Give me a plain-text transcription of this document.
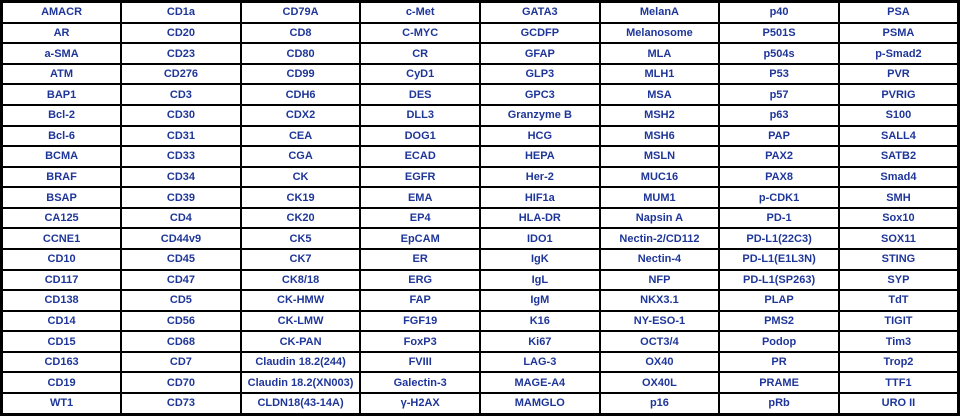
AMACR	CD1a	CD79A	c-Met	GATA3	MelanA	p40	PSA
AR	CD20	CD8	C-MYC	GCDFP	Melanosome	P501S	PSMA
a-SMA	CD23	CD80	CR	GFAP	MLA	p504s	p-Smad2
ATM	CD276	CD99	CyD1	GLP3	MLH1	P53	PVR
BAP1	CD3	CDH6	DES	GPC3	MSA	p57	PVRIG
Bcl-2	CD30	CDX2	DLL3	Granzyme B	MSH2	p63	S100
Bcl-6	CD31	CEA	DOG1	HCG	MSH6	PAP	SALL4
BCMA	CD33	CGA	ECAD	HEPA	MSLN	PAX2	SATB2
BRAF	CD34	CK	EGFR	Her-2	MUC16	PAX8	Smad4
BSAP	CD39	CK19	EMA	HIF1a	MUM1	p-CDK1	SMH
CA125	CD4	CK20	EP4	HLA-DR	Napsin A	PD-1	Sox10
CCNE1	CD44v9	CK5	EpCAM	IDO1	Nectin-2/CD112	PD-L1(22C3)	SOX11
CD10	CD45	CK7	ER	IgK	Nectin-4	PD-L1(E1L3N)	STING
CD117	CD47	CK8/18	ERG	IgL	NFP	PD-L1(SP263)	SYP
CD138	CD5	CK-HMW	FAP	IgM	NKX3.1	PLAP	TdT
CD14	CD56	CK-LMW	FGF19	K16	NY-ESO-1	PMS2	TIGIT
CD15	CD68	CK-PAN	FoxP3	Ki67	OCT3/4	Podop	Tim3
CD163	CD7	Claudin 18.2(244)	FVIII	LAG-3	OX40	PR	Trop2
CD19	CD70	Claudin 18.2(XN003)	Galectin-3	MAGE-A4	OX40L	PRAME	TTF1
WT1	CD73	CLDN18(43-14A)	γ-H2AX	MAMGLO	p16	pRb	URO II
